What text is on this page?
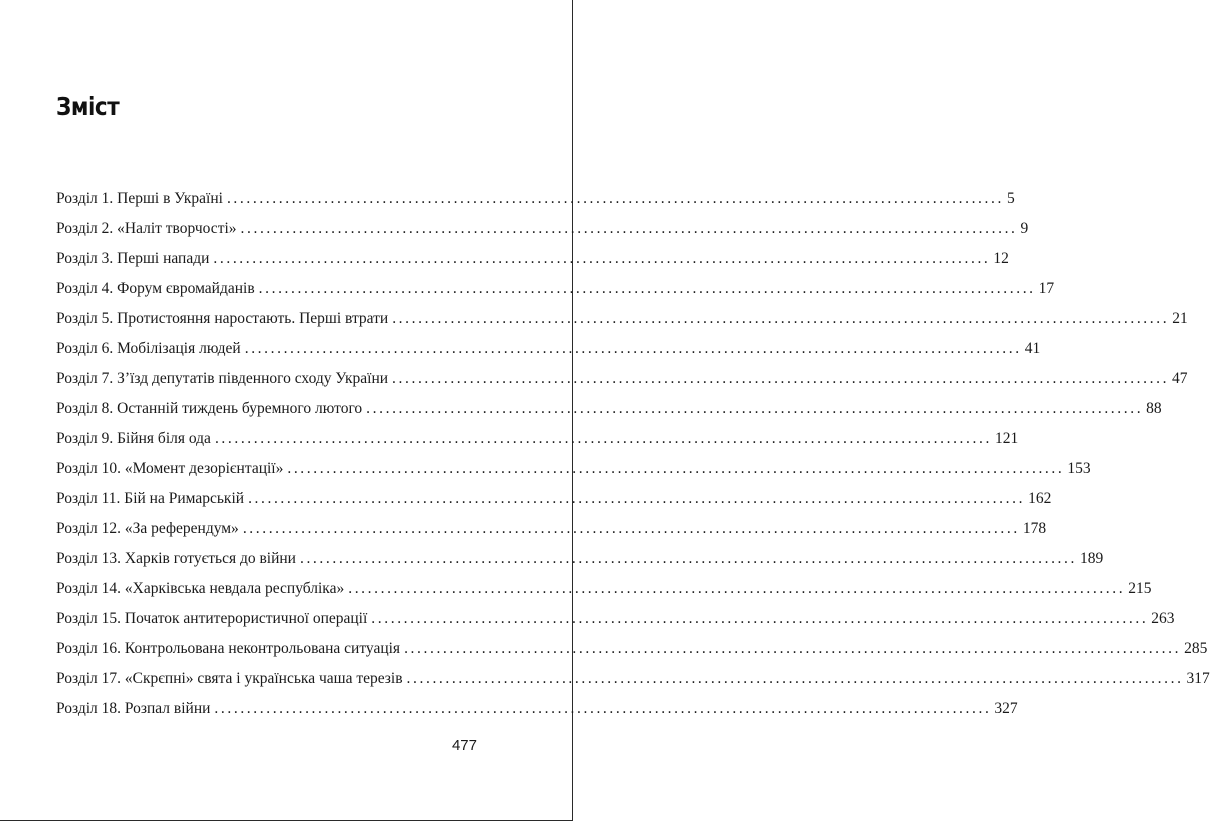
Зміст
Розділ 1. Перші в Україні ........................................................................................................................ 5
Розділ 2. «Наліт творчості» ........................................................................................................................ 9
Розділ 3. Перші напади ........................................................................................................................ 12
Розділ 4. Форум євромайданів ........................................................................................................................ 17
Розділ 5. Протистояння наростають. Перші втрати ........................................................................................................................ 21
Розділ 6. Мобілізація людей ........................................................................................................................ 41
Розділ 7. З’їзд депутатів південного сходу України ........................................................................................................................ 47
Розділ 8. Останній тиждень буремного лютого ........................................................................................................................ 88
Розділ 9. Бійня біля ода ........................................................................................................................ 121
Розділ 10. «Момент дезорієнтації» ........................................................................................................................ 153
Розділ 11. Бій на Римарській ........................................................................................................................ 162
Розділ 12. «За референдум» ........................................................................................................................ 178
Розділ 13. Харків готується до війни ........................................................................................................................ 189
Розділ 14. «Харківська невдала республіка» ........................................................................................................................ 215
Розділ 15. Початок антитерористичної операції ........................................................................................................................ 263
Розділ 16. Контрольована неконтрольована ситуація ........................................................................................................................ 285
Розділ 17. «Скрєпні» свята і українська чаша терезів ........................................................................................................................ 317
Розділ 18. Розпал війни ........................................................................................................................ 327
477
